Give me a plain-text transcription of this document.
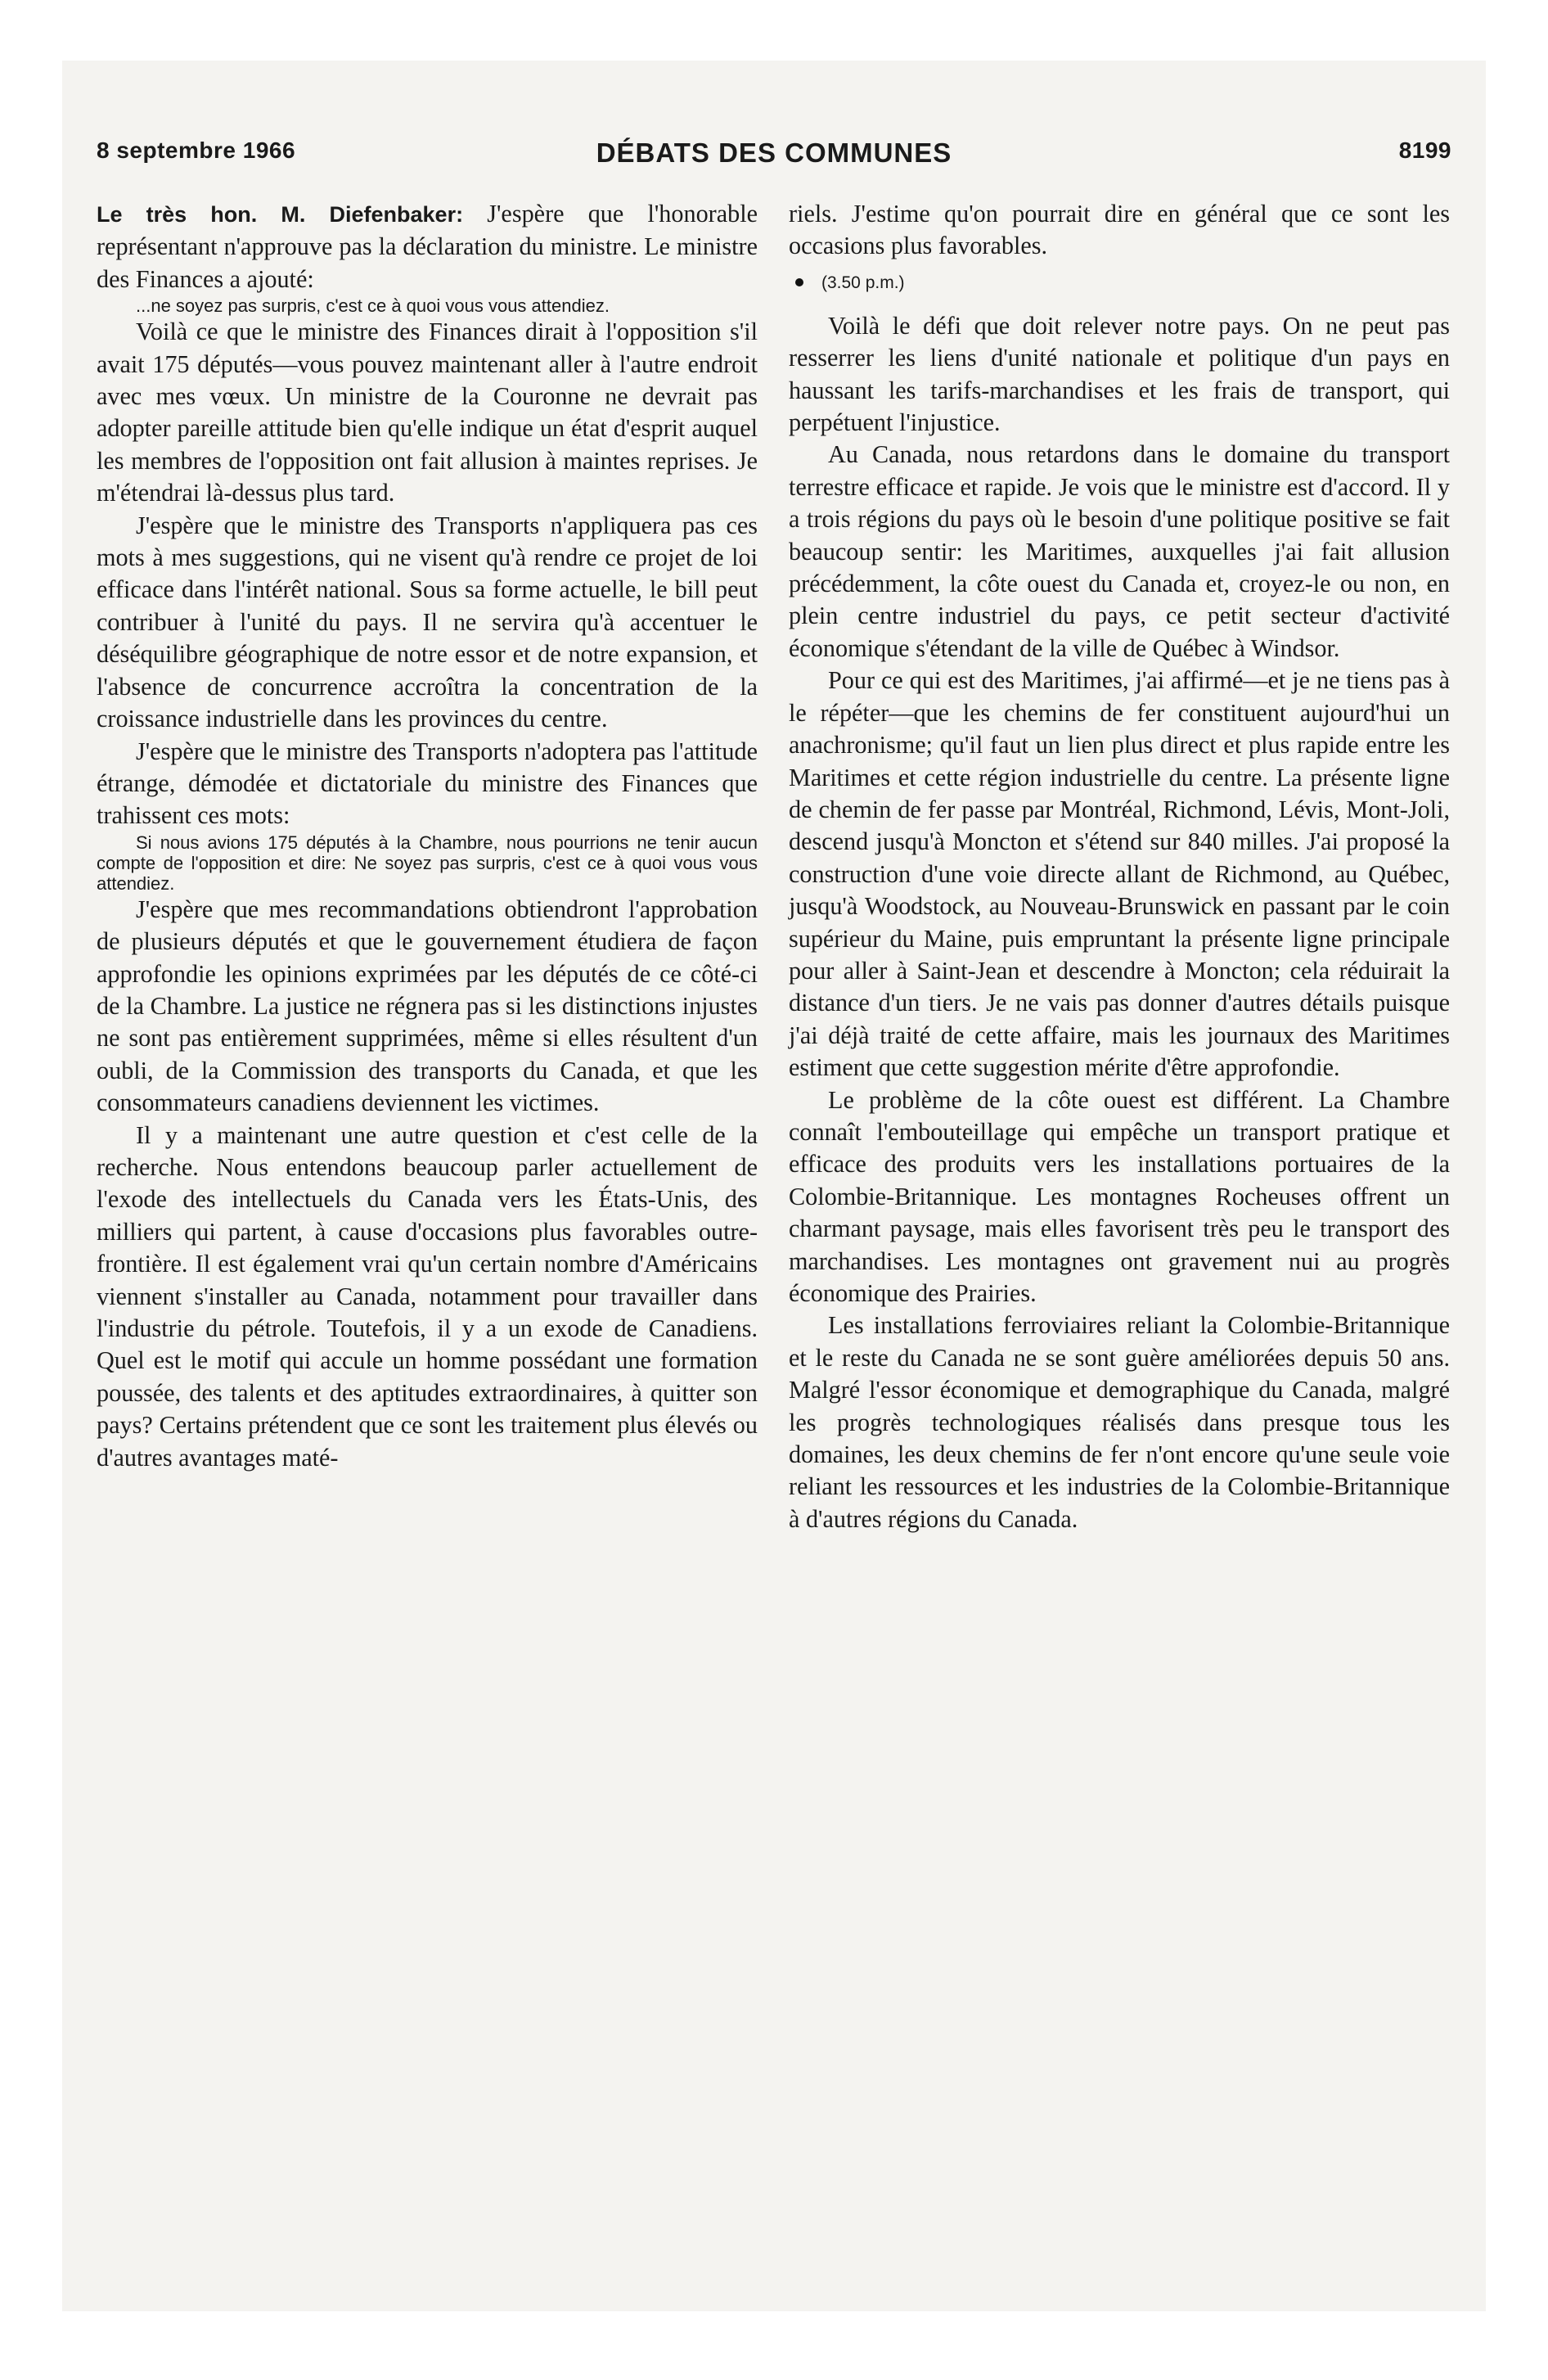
8 septembre 1966	DÉBATS DES COMMUNES	8199

Le très hon. M. Diefenbaker: J'espère que l'honorable représentant n'approuve pas la déclaration du ministre. Le ministre des Finances a ajouté:

...ne soyez pas surpris, c'est ce à quoi vous vous attendiez.

Voilà ce que le ministre des Finances dirait à l'opposition s'il avait 175 députés—vous pouvez maintenant aller à l'autre endroit avec mes vœux. Un ministre de la Couronne ne devrait pas adopter pareille attitude bien qu'elle indique un état d'esprit auquel les membres de l'opposition ont fait allusion à maintes reprises. Je m'étendrai là-dessus plus tard.

J'espère que le ministre des Transports n'appliquera pas ces mots à mes suggestions, qui ne visent qu'à rendre ce projet de loi efficace dans l'intérêt national. Sous sa forme actuelle, le bill peut contribuer à l'unité du pays. Il ne servira qu'à accentuer le déséquilibre géographique de notre essor et de notre expansion, et l'absence de concurrence accroîtra la concentration de la croissance industrielle dans les provinces du centre.

J'espère que le ministre des Transports n'adoptera pas l'attitude étrange, démodée et dictatoriale du ministre des Finances que trahissent ces mots:

Si nous avions 175 députés à la Chambre, nous pourrions ne tenir aucun compte de l'opposition et dire: Ne soyez pas surpris, c'est ce à quoi vous vous attendiez.

J'espère que mes recommandations obtiendront l'approbation de plusieurs députés et que le gouvernement étudiera de façon approfondie les opinions exprimées par les députés de ce côté-ci de la Chambre. La justice ne régnera pas si les distinctions injustes ne sont pas entièrement supprimées, même si elles résultent d'un oubli, de la Commission des transports du Canada, et que les consommateurs canadiens deviennent les victimes.

Il y a maintenant une autre question et c'est celle de la recherche. Nous entendons beaucoup parler actuellement de l'exode des intellectuels du Canada vers les États-Unis, des milliers qui partent, à cause d'occasions plus favorables outre-frontière. Il est également vrai qu'un certain nombre d'Américains viennent s'installer au Canada, notamment pour travailler dans l'industrie du pétrole. Toutefois, il y a un exode de Canadiens. Quel est le motif qui accule un homme possédant une formation poussée, des talents et des aptitudes extraordinaires, à quitter son pays? Certains prétendent que ce sont les traitement plus élevés ou d'autres avantages maté-

riels. J'estime qu'on pourrait dire en général que ce sont les occasions plus favorables.

(3.50 p.m.)

Voilà le défi que doit relever notre pays. On ne peut pas resserrer les liens d'unité nationale et politique d'un pays en haussant les tarifs-marchandises et les frais de transport, qui perpétuent l'injustice.

Au Canada, nous retardons dans le domaine du transport terrestre efficace et rapide. Je vois que le ministre est d'accord. Il y a trois régions du pays où le besoin d'une politique positive se fait beaucoup sentir: les Maritimes, auxquelles j'ai fait allusion précédemment, la côte ouest du Canada et, croyez-le ou non, en plein centre industriel du pays, ce petit secteur d'activité économique s'étendant de la ville de Québec à Windsor.

Pour ce qui est des Maritimes, j'ai affirmé—et je ne tiens pas à le répéter—que les chemins de fer constituent aujourd'hui un anachronisme; qu'il faut un lien plus direct et plus rapide entre les Maritimes et cette région industrielle du centre. La présente ligne de chemin de fer passe par Montréal, Richmond, Lévis, Mont-Joli, descend jusqu'à Moncton et s'étend sur 840 milles. J'ai proposé la construction d'une voie directe allant de Richmond, au Québec, jusqu'à Woodstock, au Nouveau-Brunswick en passant par le coin supérieur du Maine, puis empruntant la présente ligne principale pour aller à Saint-Jean et descendre à Moncton; cela réduirait la distance d'un tiers. Je ne vais pas donner d'autres détails puisque j'ai déjà traité de cette affaire, mais les journaux des Maritimes estiment que cette suggestion mérite d'être approfondie.

Le problème de la côte ouest est différent. La Chambre connaît l'embouteillage qui empêche un transport pratique et efficace des produits vers les installations portuaires de la Colombie-Britannique. Les montagnes Rocheuses offrent un charmant paysage, mais elles favorisent très peu le transport des marchandises. Les montagnes ont gravement nui au progrès économique des Prairies.

Les installations ferroviaires reliant la Colombie-Britannique et le reste du Canada ne se sont guère améliorées depuis 50 ans. Malgré l'essor économique et demographique du Canada, malgré les progrès technologiques réalisés dans presque tous les domaines, les deux chemins de fer n'ont encore qu'une seule voie reliant les ressources et les industries de la Colombie-Britannique à d'autres régions du Canada.
